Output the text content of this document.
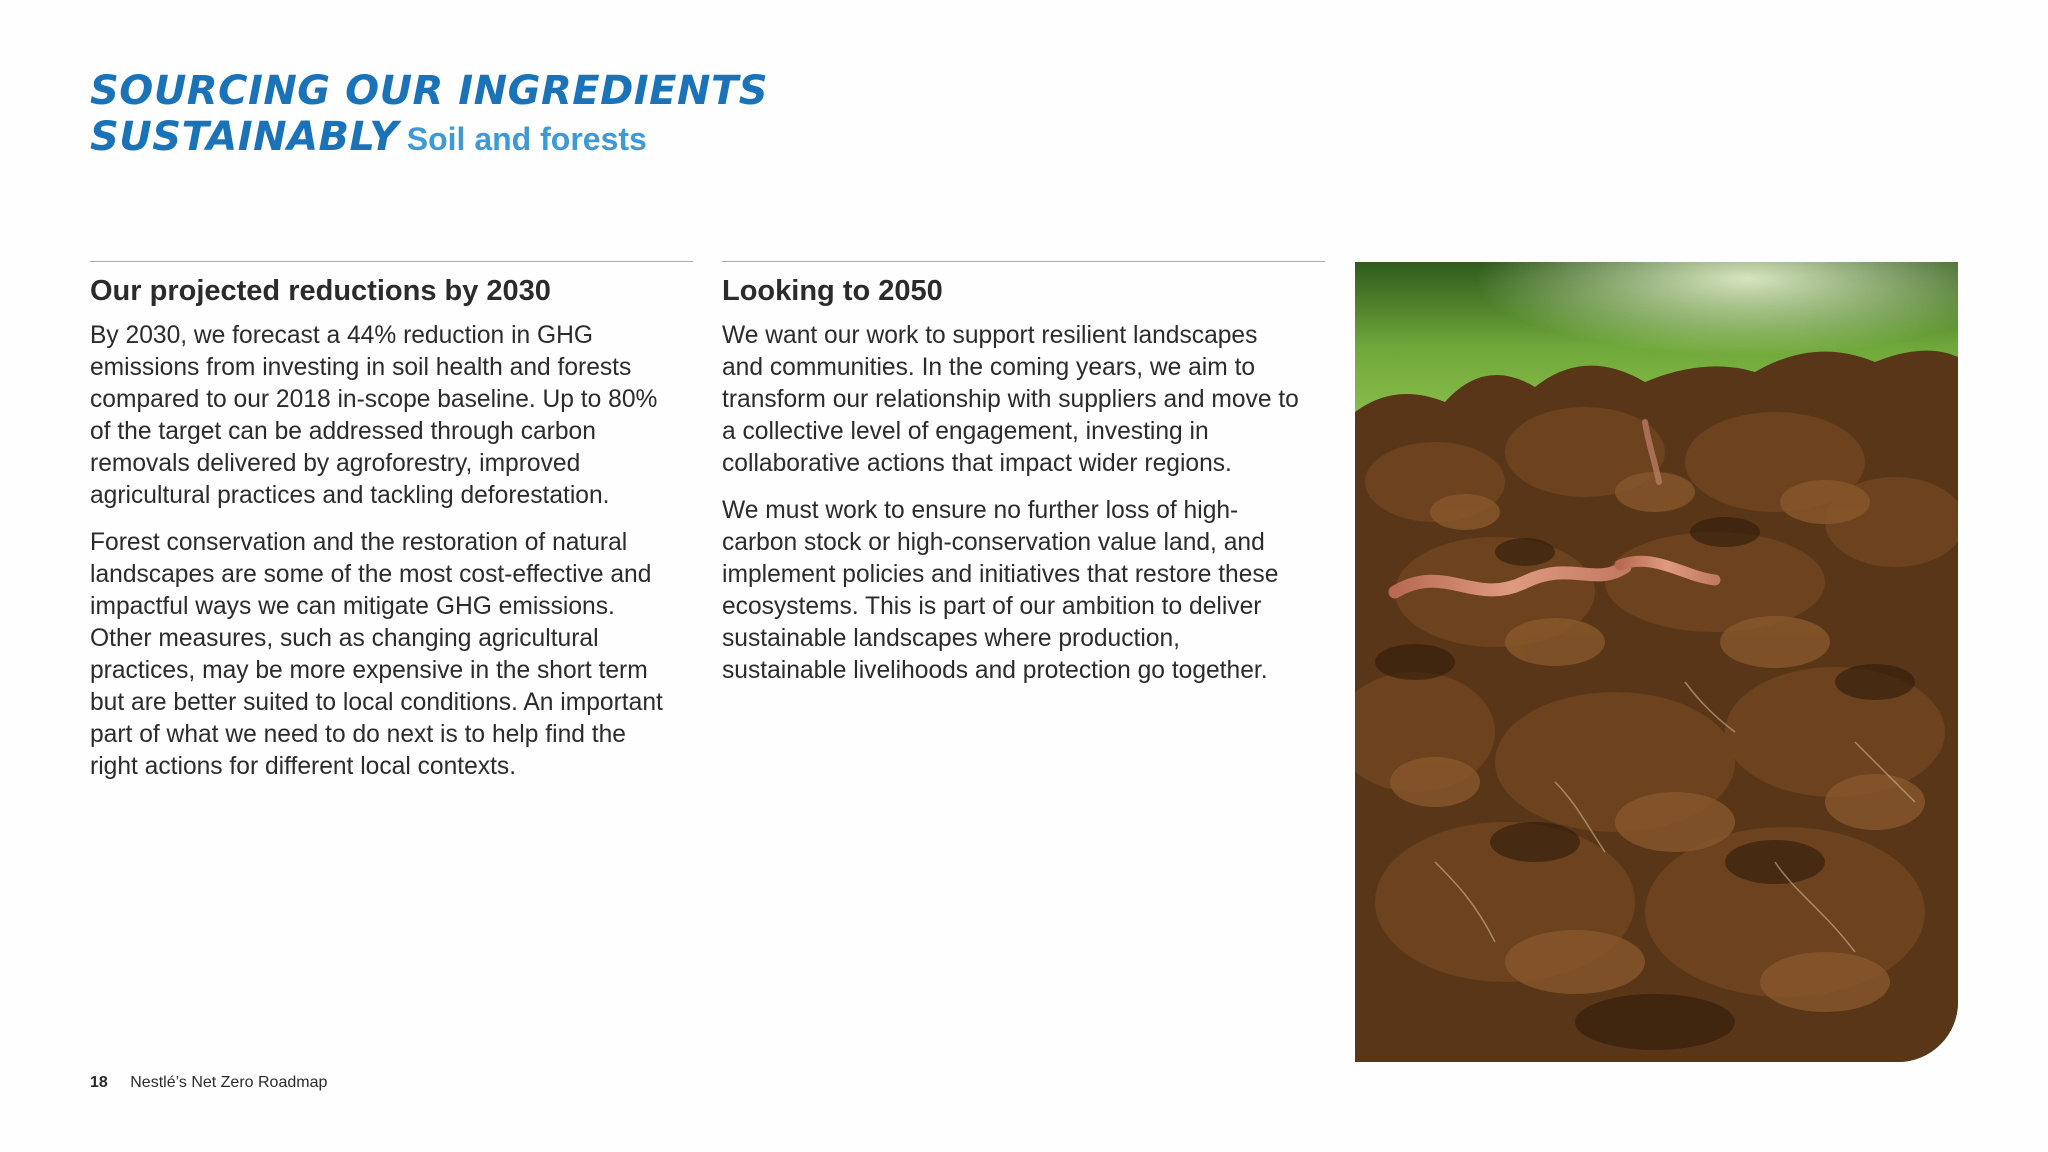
SOURCING OUR INGREDIENTS
SUSTAINABLY Soil and forests
Our projected reductions by 2030

By 2030, we forecast a 44% reduction in GHG emissions from investing in soil health and forests compared to our 2018 in-scope baseline. Up to 80% of the target can be addressed through carbon removals delivered by agroforestry, improved agricultural practices and tackling deforestation.

Forest conservation and the restoration of natural landscapes are some of the most cost-effective and impactful ways we can mitigate GHG emissions. Other measures, such as changing agricultural practices, may be more expensive in the short term but are better suited to local conditions. An important part of what we need to do next is to help find the right actions for different local contexts.

Looking to 2050

We want our work to support resilient landscapes and communities. In the coming years, we aim to transform our relationship with suppliers and move to a collective level of engagement, investing in collaborative actions that impact wider regions.

We must work to ensure no further loss of high-carbon stock or high-conservation value land, and implement policies and initiatives that restore these ecosystems. This is part of our ambition to deliver sustainable landscapes where production, sustainable livelihoods and protection go together.

18 Nestlé’s Net Zero Roadmap
